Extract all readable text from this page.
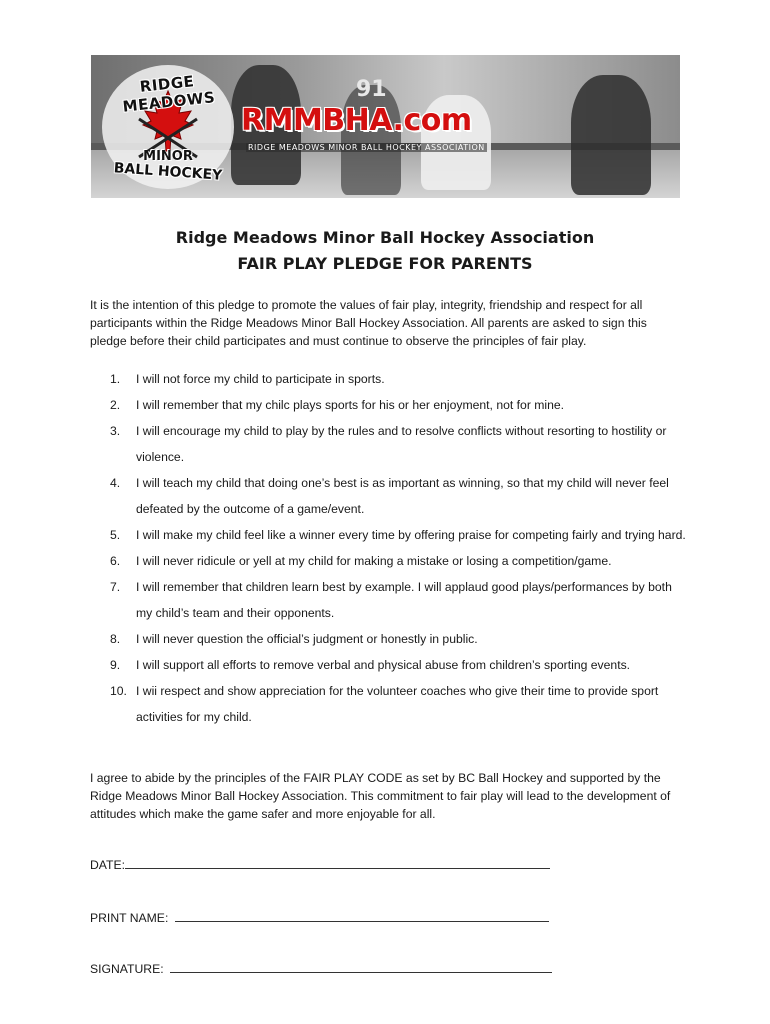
91
RIDGE MEADOWS
MINOR
BALL HOCKEY
RMMBHA.com
RIDGE MEADOWS MINOR BALL HOCKEY ASSOCIATION
Ridge Meadows Minor Ball Hockey Association
FAIR PLAY PLEDGE FOR PARENTS
It is the intention of this pledge to promote the values of fair play, integrity, friendship and respect for all participants within the Ridge Meadows Minor Ball Hockey Association. All parents are asked to sign this pledge before their child participates and must continue to observe the principles of fair play.
1.	I will not force my child to participate in sports.
2.	I will remember that my chilc plays sports for his or her enjoyment, not for mine.
3.	I will encourage my child to play by the rules and to resolve conflicts without resorting to hostility or violence.
4.	I will teach my child that doing one’s best is as important as winning, so that my child will never feel defeated by the outcome of a game/event.
5.	I will make my child feel like a winner every time by offering praise for competing fairly and trying hard.
6.	I will never ridicule or yell at my child for making a mistake or losing a competition/game.
7.	I will remember that children learn best by example. I will applaud good plays/performances by both my child’s team and their opponents.
8.	I will never question the official’s judgment or honestly in public.
9.	I will support all efforts to remove verbal and physical abuse from children’s sporting events.
10. I wii respect and show appreciation for the volunteer coaches who give their time to provide sport activities for my child.
I agree to abide by the principles of the FAIR PLAY CODE as set by BC Ball Hockey and supported by the Ridge Meadows Minor Ball Hockey Association. This commitment to fair play will lead to the development of attitudes which make the game safer and more enjoyable for all.
DATE:
PRINT NAME:
SIGNATURE:
